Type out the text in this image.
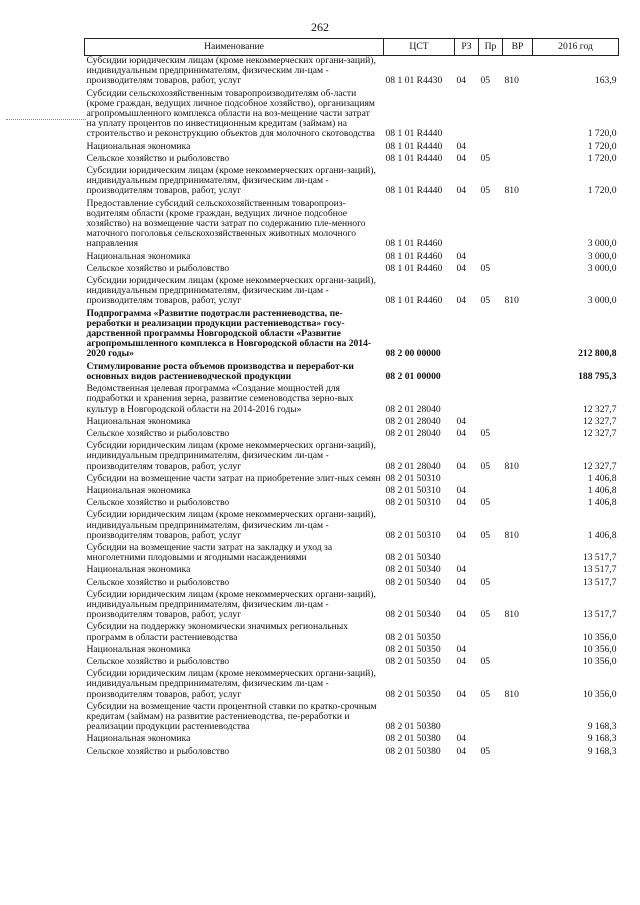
262
Наименование	ЦСТ	РЗ	Пр	ВР	2016 год
Субсидии юридическим лицам (кроме некоммерческих органи-заций), индивидуальным предпринимателям, физическим ли-цам - производителям товаров, работ, услуг	08 1 01 R4430	04	05	810	163,9
Субсидии сельскохозяйственным товаропроизводителям об-ласти (кроме граждан, ведущих личное подсобное хозяйство), организациям агропромышленного комплекса области на воз-мещение части затрат на уплату процентов по инвестиционным кредитам (займам) на строительство и реконструкцию объектов для молочного скотоводства	08 1 01 R4440				1 720,0
Национальная экономика	08 1 01 R4440	04			1 720,0
Сельское хозяйство и рыболовство	08 1 01 R4440	04	05		1 720,0
Субсидии юридическим лицам (кроме некоммерческих органи-заций), индивидуальным предпринимателям, физическим ли-цам - производителям товаров, работ, услуг	08 1 01 R4440	04	05	810	1 720,0
Предоставление субсидий сельскохозяйственным товаропроиз-водителям области (кроме граждан, ведущих личное подсобное хозяйство) на возмещение части затрат по содержанию пле-менного маточного поголовья сельскохозяйственных животных молочного направления	08 1 01 R4460				3 000,0
Национальная экономика	08 1 01 R4460	04			3 000,0
Сельское хозяйство и рыболовство	08 1 01 R4460	04	05		3 000,0
Субсидии юридическим лицам (кроме некоммерческих органи-заций), индивидуальным предпринимателям, физическим ли-цам - производителям товаров, работ, услуг	08 1 01 R4460	04	05	810	3 000,0
Подпрограмма «Развитие подотрасли растениеводства, пе-реработки и реализации продукции растениеводства» госу-дарственной программы Новгородской области «Развитие агропромышленного комплекса в Новгородской области на 2014-2020 годы»	08 2 00 00000				212 800,8
Стимулирование роста объемов производства и переработ-ки основных видов растениеводческой продукции	08 2 01 00000				188 795,3
Ведомственная целевая программа «Создание мощностей для подработки и хранения зерна, развитие семеноводства зерно-вых культур в Новгородской области на 2014-2016 годы»	08 2 01 28040				12 327,7
Национальная экономика	08 2 01 28040	04			12 327,7
Сельское хозяйство и рыболовство	08 2 01 28040	04	05		12 327,7
Субсидии юридическим лицам (кроме некоммерческих органи-заций), индивидуальным предпринимателям, физическим ли-цам - производителям товаров, работ, услуг	08 2 01 28040	04	05	810	12 327,7
Субсидии на возмещение части затрат на приобретение элит-ных семян	08 2 01 50310				1 406,8
Национальная экономика	08 2 01 50310	04			1 406,8
Сельское хозяйство и рыболовство	08 2 01 50310	04	05		1 406,8
Субсидии юридическим лицам (кроме некоммерческих органи-заций), индивидуальным предпринимателям, физическим ли-цам - производителям товаров, работ, услуг	08 2 01 50310	04	05	810	1 406,8
Субсидии на возмещение части затрат на закладку и уход за многолетними плодовыми и ягодными насаждениями	08 2 01 50340				13 517,7
Национальная экономика	08 2 01 50340	04			13 517,7
Сельское хозяйство и рыболовство	08 2 01 50340	04	05		13 517,7
Субсидии юридическим лицам (кроме некоммерческих органи-заций), индивидуальным предпринимателям, физическим ли-цам - производителям товаров, работ, услуг	08 2 01 50340	04	05	810	13 517,7
Субсидии на поддержку экономически значимых региональных программ в области растениеводства	08 2 01 50350				10 356,0
Национальная экономика	08 2 01 50350	04			10 356,0
Сельское хозяйство и рыболовство	08 2 01 50350	04	05		10 356,0
Субсидии юридическим лицам (кроме некоммерческих органи-заций), индивидуальным предпринимателям, физическим ли-цам - производителям товаров, работ, услуг	08 2 01 50350	04	05	810	10 356,0
Субсидии на возмещение части процентной ставки по кратко-срочным кредитам (займам) на развитие растениеводства, пе-реработки и реализации продукции растениеводства	08 2 01 50380				9 168,3
Национальная экономика	08 2 01 50380	04			9 168,3
Сельское хозяйство и рыболовство	08 2 01 50380	04	05		9 168,3
